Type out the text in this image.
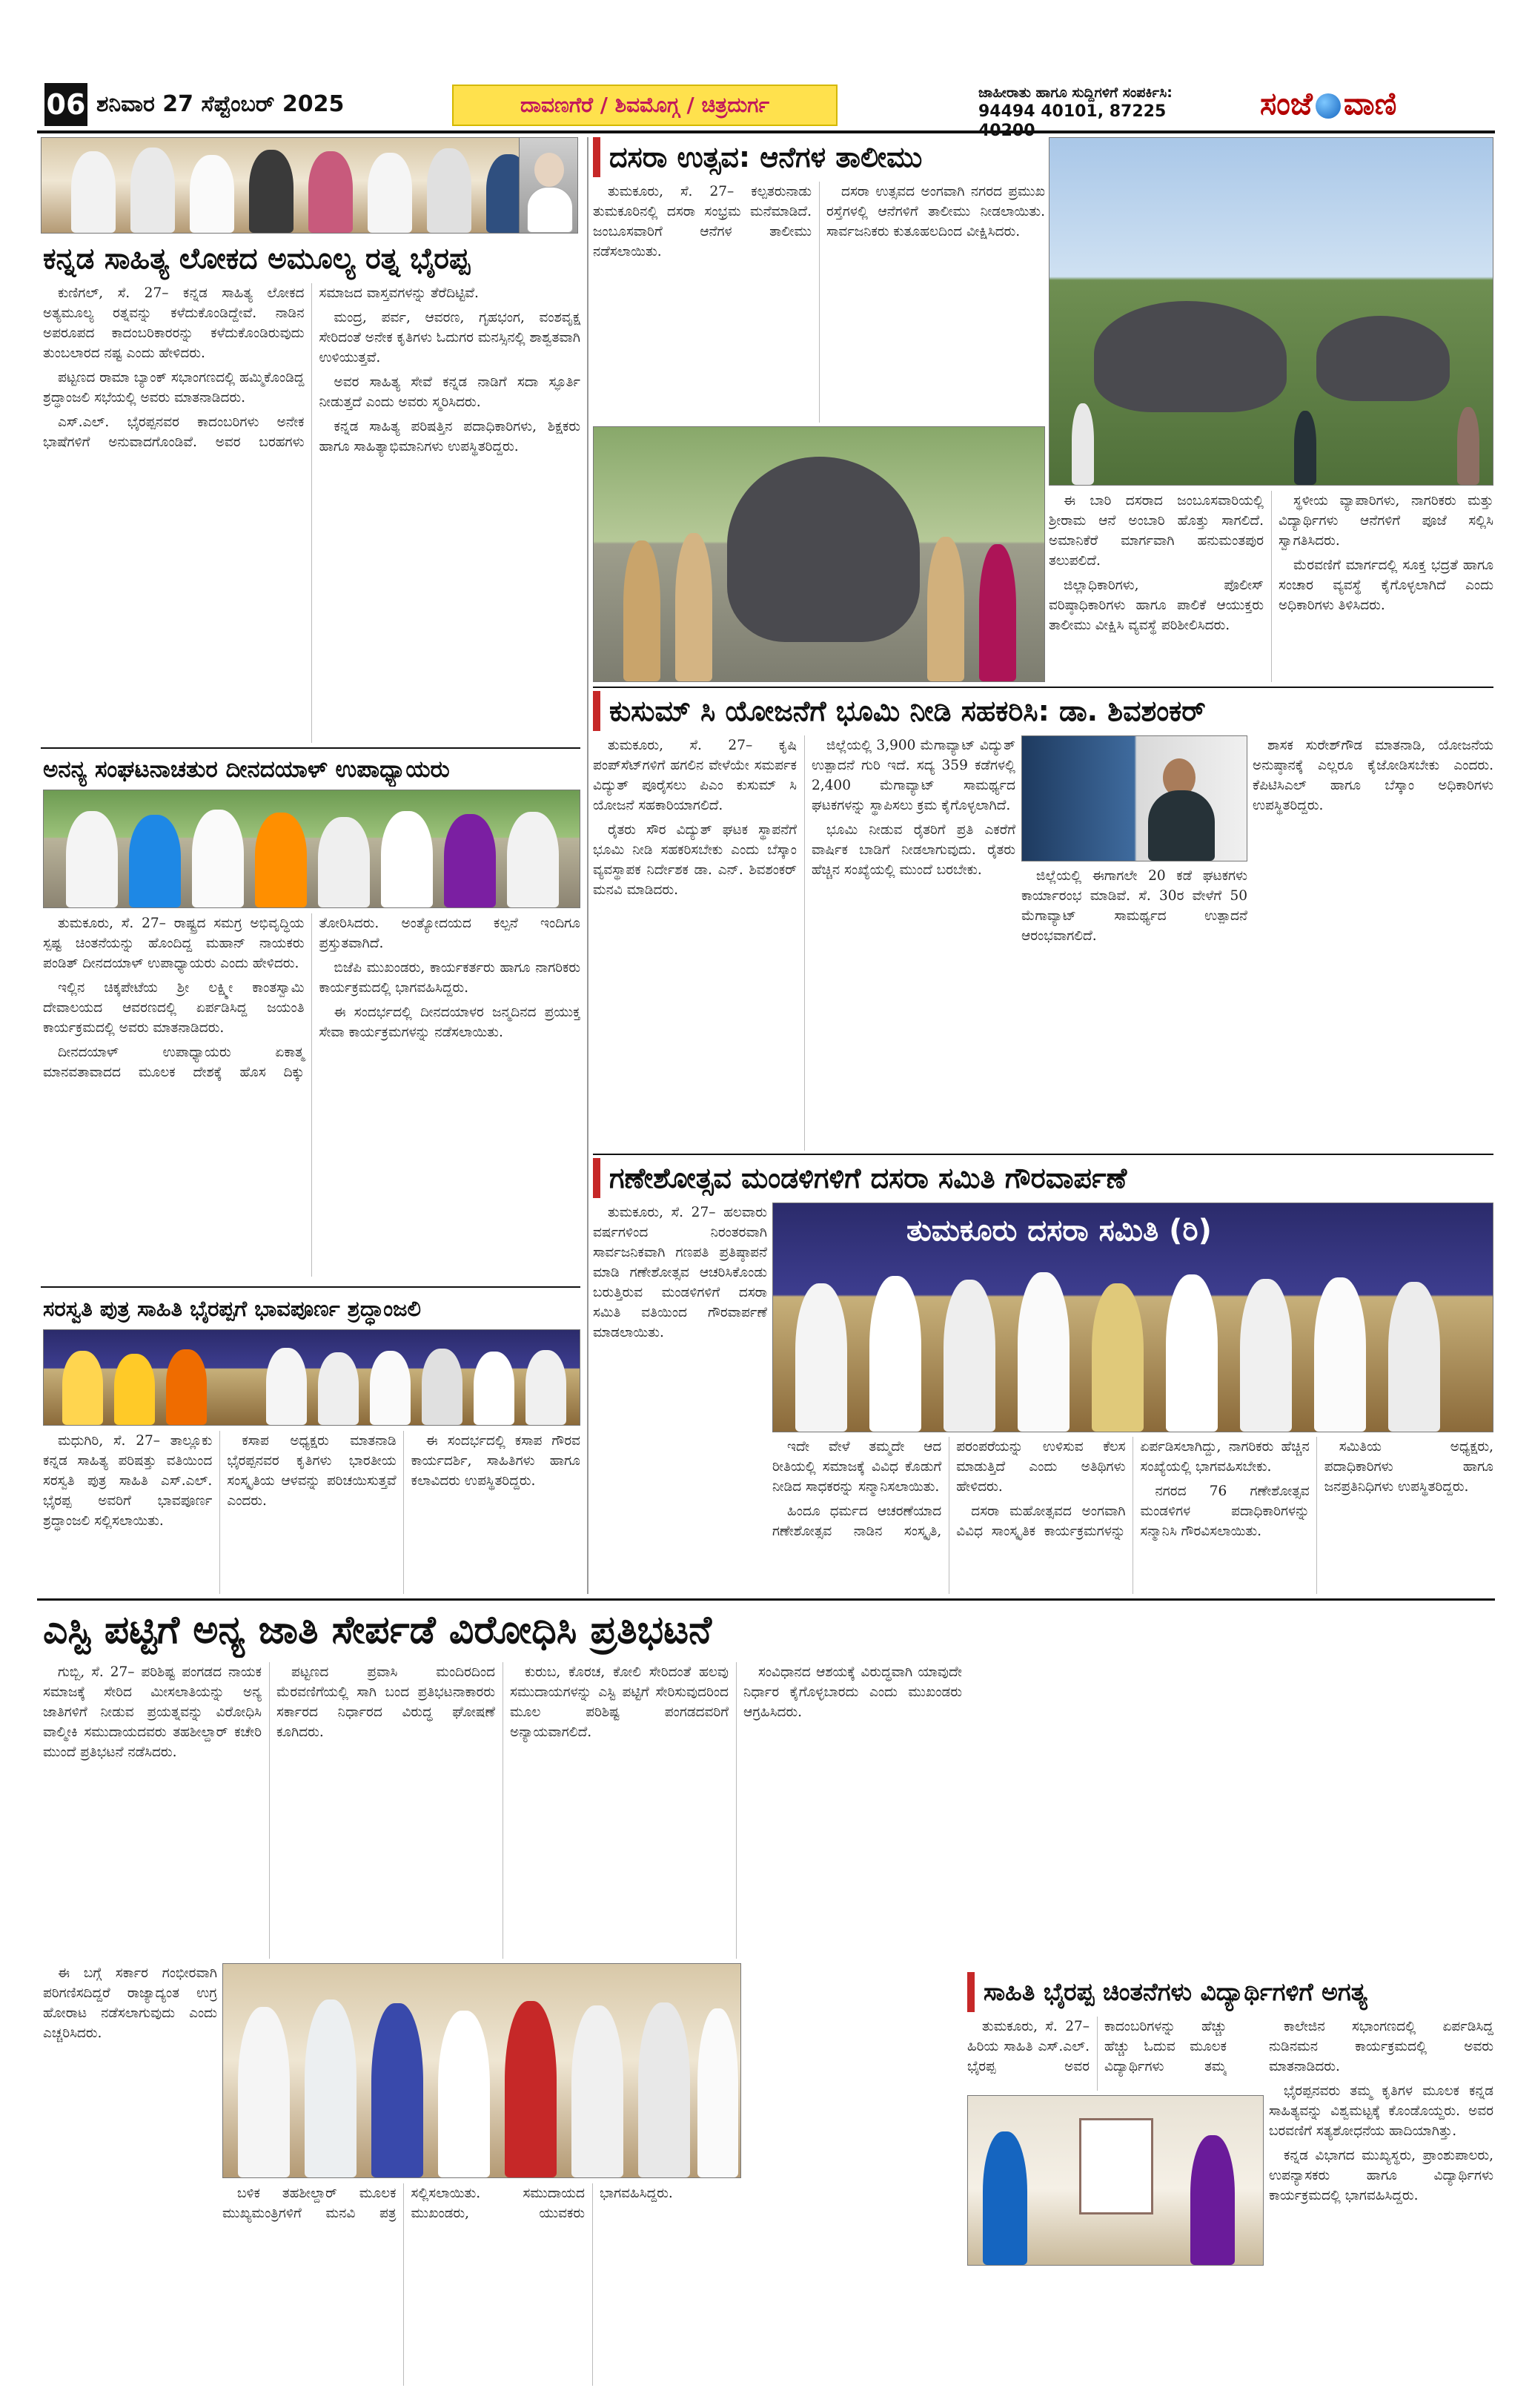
06 ಶನಿವಾರ 27 ಸೆಪ್ಟೆಂಬರ್ 2025	ದಾವಣಗೆರೆ / ಶಿವಮೊಗ್ಗ / ಚಿತ್ರದುರ್ಗ	ಜಾಹೀರಾತು ಹಾಗೂ ಸುದ್ದಿಗಳಿಗೆ ಸಂಪರ್ಕಿಸಿ:
94494 40101, 87225	ಸಂಜೆ ವಾಣಿ
ಕನ್ನಡ ಸಾಹಿತ್ಯ ಲೋಕದ ಅಮೂಲ್ಯ ರತ್ನ ಭೈರಪ್ಪ

ಕುಣಿಗಲ್, ಸೆ. 27– ಕನ್ನಡ ಸಾಹಿತ್ಯ ಲೋಕದ ಅತ್ಯಮೂಲ್ಯ ರತ್ನವನ್ನು ಕಳೆದುಕೊಂಡಿದ್ದೇವೆ. ನಾಡಿನ ಅಪರೂಪದ ಕಾದಂಬರಿಕಾರರನ್ನು ಕಳೆದುಕೊಂಡಿರುವುದು ತುಂಬಲಾರದ ನಷ್ಟ ಎಂದು ಹೇಳಿದರು.

ಪಟ್ಟಣದ ರಾಮಾ ಬ್ಯಾಂಕ್ ಸಭಾಂಗಣದಲ್ಲಿ ಹಮ್ಮಿಕೊಂಡಿದ್ದ ಶ್ರದ್ಧಾಂಜಲಿ ಸಭೆಯಲ್ಲಿ ಅವರು ಮಾತನಾಡಿದರು.

ಎಸ್.ಎಲ್. ಭೈರಪ್ಪನವರ ಕಾದಂಬರಿಗಳು ಅನೇಕ ಭಾಷೆಗಳಿಗೆ ಅನುವಾದಗೊಂಡಿವೆ. ಅವರ ಬರಹಗಳು ಸಮಾಜದ ವಾಸ್ತವಗಳನ್ನು ತೆರೆದಿಟ್ಟಿವೆ.

ಮಂದ್ರ, ಪರ್ವ, ಆವರಣ, ಗೃಹಭಂಗ, ವಂಶವೃಕ್ಷ ಸೇರಿದಂತೆ ಅನೇಕ ಕೃತಿಗಳು ಓದುಗರ ಮನಸ್ಸಿನಲ್ಲಿ ಶಾಶ್ವತವಾಗಿ ಉಳಿಯುತ್ತವೆ.

ಅವರ ಸಾಹಿತ್ಯ ಸೇವೆ ಕನ್ನಡ ನಾಡಿಗೆ ಸದಾ ಸ್ಫೂರ್ತಿ ನೀಡುತ್ತದೆ ಎಂದು ಅವರು ಸ್ಮರಿಸಿದರು.

ಕನ್ನಡ ಸಾಹಿತ್ಯ ಪರಿಷತ್ತಿನ ಪದಾಧಿಕಾರಿಗಳು, ಶಿಕ್ಷಕರು ಹಾಗೂ ಸಾಹಿತ್ಯಾಭಿಮಾನಿಗಳು ಉಪಸ್ಥಿತರಿದ್ದರು.

ಅನನ್ಯ ಸಂಘಟನಾಚತುರ ದೀನದಯಾಳ್ ಉಪಾಧ್ಯಾಯರು

ತುಮಕೂರು, ಸೆ. 27– ರಾಷ್ಟ್ರದ ಸಮಗ್ರ ಅಭಿವೃದ್ಧಿಯ ಸ್ಪಷ್ಟ ಚಿಂತನೆಯನ್ನು ಹೊಂದಿದ್ದ ಮಹಾನ್ ನಾಯಕರು ಪಂಡಿತ್ ದೀನದಯಾಳ್ ಉಪಾಧ್ಯಾಯರು ಎಂದು ಹೇಳಿದರು.

ಇಲ್ಲಿನ ಚಿಕ್ಕಪೇಟೆಯ ಶ್ರೀ ಲಕ್ಷ್ಮೀ ಕಾಂತಸ್ವಾಮಿ ದೇವಾಲಯದ ಆವರಣದಲ್ಲಿ ಏರ್ಪಡಿಸಿದ್ದ ಜಯಂತಿ ಕಾರ್ಯಕ್ರಮದಲ್ಲಿ ಅವರು ಮಾತನಾಡಿದರು.

ದೀನದಯಾಳ್ ಉಪಾಧ್ಯಾಯರು ಏಕಾತ್ಮ ಮಾನವತಾವಾದದ ಮೂಲಕ ದೇಶಕ್ಕೆ ಹೊಸ ದಿಕ್ಕು ತೋರಿಸಿದರು. ಅಂತ್ಯೋದಯದ ಕಲ್ಪನೆ ಇಂದಿಗೂ ಪ್ರಸ್ತುತವಾಗಿದೆ.

ಬಿಜೆಪಿ ಮುಖಂಡರು, ಕಾರ್ಯಕರ್ತರು ಹಾಗೂ ನಾಗರಿಕರು ಕಾರ್ಯಕ್ರಮದಲ್ಲಿ ಭಾಗವಹಿಸಿದ್ದರು.

ಈ ಸಂದರ್ಭದಲ್ಲಿ ದೀನದಯಾಳರ ಜನ್ಮದಿನದ ಪ್ರಯುಕ್ತ ಸೇವಾ ಕಾರ್ಯಕ್ರಮಗಳನ್ನು ನಡೆಸಲಾಯಿತು.

ಸರಸ್ವತಿ ಪುತ್ರ ಸಾಹಿತಿ ಭೈರಪ್ಪಗೆ ಭಾವಪೂರ್ಣ ಶ್ರದ್ಧಾಂಜಲಿ

ಮಧುಗಿರಿ, ಸೆ. 27– ತಾಲ್ಲೂಕು ಕನ್ನಡ ಸಾಹಿತ್ಯ ಪರಿಷತ್ತು ವತಿಯಿಂದ ಸರಸ್ವತಿ ಪುತ್ರ ಸಾಹಿತಿ ಎಸ್.ಎಲ್. ಭೈರಪ್ಪ ಅವರಿಗೆ ಭಾವಪೂರ್ಣ ಶ್ರದ್ಧಾಂಜಲಿ ಸಲ್ಲಿಸಲಾಯಿತು.

ಕಸಾಪ ಅಧ್ಯಕ್ಷರು ಮಾತನಾಡಿ ಭೈರಪ್ಪನವರ ಕೃತಿಗಳು ಭಾರತೀಯ ಸಂಸ್ಕೃತಿಯ ಆಳವನ್ನು ಪರಿಚಯಿಸುತ್ತವೆ ಎಂದರು.

ಈ ಸಂದರ್ಭದಲ್ಲಿ ಕಸಾಪ ಗೌರವ ಕಾರ್ಯದರ್ಶಿ, ಸಾಹಿತಿಗಳು ಹಾಗೂ ಕಲಾವಿದರು ಉಪಸ್ಥಿತರಿದ್ದರು.

ದಸರಾ ಉತ್ಸವ: ಆನೆಗಳ ತಾಲೀಮು

ತುಮಕೂರು, ಸೆ. 27– ಕಲ್ಪತರುನಾಡು ತುಮಕೂರಿನಲ್ಲಿ ದಸರಾ ಸಂಭ್ರಮ ಮನೆಮಾಡಿದೆ. ಜಂಬೂಸವಾರಿಗೆ ಆನೆಗಳ ತಾಲೀಮು ನಡೆಸಲಾಯಿತು.

ದಸರಾ ಉತ್ಸವದ ಅಂಗವಾಗಿ ನಗರದ ಪ್ರಮುಖ ರಸ್ತೆಗಳಲ್ಲಿ ಆನೆಗಳಿಗೆ ತಾಲೀಮು ನೀಡಲಾಯಿತು. ಸಾರ್ವಜನಿಕರು ಕುತೂಹಲದಿಂದ ವೀಕ್ಷಿಸಿದರು.

ಈ ಬಾರಿ ದಸರಾದ ಜಂಬೂಸವಾರಿಯಲ್ಲಿ ಶ್ರೀರಾಮ ಆನೆ ಅಂಬಾರಿ ಹೊತ್ತು ಸಾಗಲಿದೆ. ಅಮಾನಿಕೆರೆ ಮಾರ್ಗವಾಗಿ ಹನುಮಂತಪುರ ತಲುಪಲಿದೆ.

ಜಿಲ್ಲಾಧಿಕಾರಿಗಳು, ಪೊಲೀಸ್ ವರಿಷ್ಠಾಧಿಕಾರಿಗಳು ಹಾಗೂ ಪಾಲಿಕೆ ಆಯುಕ್ತರು ತಾಲೀಮು ವೀಕ್ಷಿಸಿ ವ್ಯವಸ್ಥೆ ಪರಿಶೀಲಿಸಿದರು.

ಸ್ಥಳೀಯ ವ್ಯಾಪಾರಿಗಳು, ನಾಗರಿಕರು ಮತ್ತು ವಿದ್ಯಾರ್ಥಿಗಳು ಆನೆಗಳಿಗೆ ಪೂಜೆ ಸಲ್ಲಿಸಿ ಸ್ವಾಗತಿಸಿದರು.

ಮೆರವಣಿಗೆ ಮಾರ್ಗದಲ್ಲಿ ಸೂಕ್ತ ಭದ್ರತೆ ಹಾಗೂ ಸಂಚಾರ ವ್ಯವಸ್ಥೆ ಕೈಗೊಳ್ಳಲಾಗಿದೆ ಎಂದು ಅಧಿಕಾರಿಗಳು ತಿಳಿಸಿದರು.

ಕುಸುಮ್ ಸಿ ಯೋಜನೆಗೆ ಭೂಮಿ ನೀಡಿ ಸಹಕರಿಸಿ: ಡಾ. ಶಿವಶಂಕರ್

ತುಮಕೂರು, ಸೆ. 27– ಕೃಷಿ ಪಂಪ್‌ಸೆಟ್‌ಗಳಿಗೆ ಹಗಲಿನ ವೇಳೆಯೇ ಸಮರ್ಪಕ ವಿದ್ಯುತ್ ಪೂರೈಸಲು ಪಿಎಂ ಕುಸುಮ್ ಸಿ ಯೋಜನೆ ಸಹಕಾರಿಯಾಗಲಿದೆ.

ರೈತರು ಸೌರ ವಿದ್ಯುತ್ ಘಟಕ ಸ್ಥಾಪನೆಗೆ ಭೂಮಿ ನೀಡಿ ಸಹಕರಿಸಬೇಕು ಎಂದು ಬೆಸ್ಕಾಂ ವ್ಯವಸ್ಥಾಪಕ ನಿರ್ದೇಶಕ ಡಾ. ಎನ್. ಶಿವಶಂಕರ್ ಮನವಿ ಮಾಡಿದರು.

ಜಿಲ್ಲೆಯಲ್ಲಿ 3,900 ಮೆಗಾವ್ಯಾಟ್ ವಿದ್ಯುತ್ ಉತ್ಪಾದನೆ ಗುರಿ ಇದೆ. ಸದ್ಯ 359 ಕಡೆಗಳಲ್ಲಿ 2,400 ಮೆಗಾವ್ಯಾಟ್ ಸಾಮರ್ಥ್ಯದ ಘಟಕಗಳನ್ನು ಸ್ಥಾಪಿಸಲು ಕ್ರಮ ಕೈಗೊಳ್ಳಲಾಗಿದೆ.

ಭೂಮಿ ನೀಡುವ ರೈತರಿಗೆ ಪ್ರತಿ ಎಕರೆಗೆ ವಾರ್ಷಿಕ ಬಾಡಿಗೆ ನೀಡಲಾಗುವುದು. ರೈತರು ಹೆಚ್ಚಿನ ಸಂಖ್ಯೆಯಲ್ಲಿ ಮುಂದೆ ಬರಬೇಕು.	ಜಿಲ್ಲೆಯಲ್ಲಿ ಈಗಾಗಲೇ 20 ಕಡೆ ಘಟಕಗಳು ಕಾರ್ಯಾರಂಭ ಮಾಡಿವೆ. ಸೆ. 30ರ ವೇಳೆಗೆ 50 ಮೆಗಾವ್ಯಾಟ್ ಸಾಮರ್ಥ್ಯದ ಉತ್ಪಾದನೆ ಆರಂಭವಾಗಲಿದೆ.

ಶಾಸಕ ಸುರೇಶ್‌ಗೌಡ ಮಾತನಾಡಿ, ಯೋಜನೆಯ ಅನುಷ್ಠಾನಕ್ಕೆ ಎಲ್ಲರೂ ಕೈಜೋಡಿಸಬೇಕು ಎಂದರು. ಕೆಪಿಟಿಸಿಎಲ್ ಹಾಗೂ ಬೆಸ್ಕಾಂ ಅಧಿಕಾರಿಗಳು ಉಪಸ್ಥಿತರಿದ್ದರು.

ಗಣೇಶೋತ್ಸವ ಮಂಡಳಿಗಳಿಗೆ ದಸರಾ ಸಮಿತಿ ಗೌರವಾರ್ಪಣೆ

ತುಮಕೂರು, ಸೆ. 27– ಹಲವಾರು ವರ್ಷಗಳಿಂದ ನಿರಂತರವಾಗಿ ಸಾರ್ವಜನಿಕವಾಗಿ ಗಣಪತಿ ಪ್ರತಿಷ್ಠಾಪನೆ ಮಾಡಿ ಗಣೇಶೋತ್ಸವ ಆಚರಿಸಿಕೊಂಡು ಬರುತ್ತಿರುವ ಮಂಡಳಿಗಳಿಗೆ ದಸರಾ ಸಮಿತಿ ವತಿಯಿಂದ ಗೌರವಾರ್ಪಣೆ ಮಾಡಲಾಯಿತು.

ತುಮಕೂರು ದಸರಾ ಸಮಿತಿ (ರಿ)

ಇದೇ ವೇಳೆ ತಮ್ಮದೇ ಆದ ರೀತಿಯಲ್ಲಿ ಸಮಾಜಕ್ಕೆ ವಿವಿಧ ಕೊಡುಗೆ ನೀಡಿದ ಸಾಧಕರನ್ನು ಸನ್ಮಾನಿಸಲಾಯಿತು.

ಹಿಂದೂ ಧರ್ಮದ ಆಚರಣೆಯಾದ ಗಣೇಶೋತ್ಸವ ನಾಡಿನ ಸಂಸ್ಕೃತಿ, ಪರಂಪರೆಯನ್ನು ಉಳಿಸುವ ಕೆಲಸ ಮಾಡುತ್ತಿದೆ ಎಂದು ಅತಿಥಿಗಳು ಹೇಳಿದರು.

ದಸರಾ ಮಹೋತ್ಸವದ ಅಂಗವಾಗಿ ವಿವಿಧ ಸಾಂಸ್ಕೃತಿಕ ಕಾರ್ಯಕ್ರಮಗಳನ್ನು ಏರ್ಪಡಿಸಲಾಗಿದ್ದು, ನಾಗರಿಕರು ಹೆಚ್ಚಿನ ಸಂಖ್ಯೆಯಲ್ಲಿ ಭಾಗವಹಿಸಬೇಕು.

ನಗರದ 76 ಗಣೇಶೋತ್ಸವ ಮಂಡಳಿಗಳ ಪದಾಧಿಕಾರಿಗಳನ್ನು ಸನ್ಮಾನಿಸಿ ಗೌರವಿಸಲಾಯಿತು.

ಸಮಿತಿಯ ಅಧ್ಯಕ್ಷರು, ಪದಾಧಿಕಾರಿಗಳು ಹಾಗೂ ಜನಪ್ರತಿನಿಧಿಗಳು ಉಪಸ್ಥಿತರಿದ್ದರು.

ಎಸ್ಟಿ ಪಟ್ಟಿಗೆ ಅನ್ಯ ಜಾತಿ ಸೇರ್ಪಡೆ ವಿರೋಧಿಸಿ ಪ್ರತಿಭಟನೆ

ಗುಬ್ಬಿ, ಸೆ. 27– ಪರಿಶಿಷ್ಟ ಪಂಗಡದ ನಾಯಕ ಸಮಾಜಕ್ಕೆ ಸೇರಿದ ಮೀಸಲಾತಿಯನ್ನು ಅನ್ಯ ಜಾತಿಗಳಿಗೆ ನೀಡುವ ಪ್ರಯತ್ನವನ್ನು ವಿರೋಧಿಸಿ ವಾಲ್ಮೀಕಿ ಸಮುದಾಯದವರು ತಹಶೀಲ್ದಾರ್ ಕಚೇರಿ ಮುಂದೆ ಪ್ರತಿಭಟನೆ ನಡೆಸಿದರು.

ಪಟ್ಟಣದ ಪ್ರವಾಸಿ ಮಂದಿರದಿಂದ ಮೆರವಣಿಗೆಯಲ್ಲಿ ಸಾಗಿ ಬಂದ ಪ್ರತಿಭಟನಾಕಾರರು ಸರ್ಕಾರದ ನಿರ್ಧಾರದ ವಿರುದ್ಧ ಘೋಷಣೆ ಕೂಗಿದರು.

ಕುರುಬ, ಕೊರಚ, ಕೋಲಿ ಸೇರಿದಂತೆ ಹಲವು ಸಮುದಾಯಗಳನ್ನು ಎಸ್ಟಿ ಪಟ್ಟಿಗೆ ಸೇರಿಸುವುದರಿಂದ ಮೂಲ ಪರಿಶಿಷ್ಟ ಪಂಗಡದವರಿಗೆ ಅನ್ಯಾಯವಾಗಲಿದೆ.

ಸಂವಿಧಾನದ ಆಶಯಕ್ಕೆ ವಿರುದ್ಧವಾಗಿ ಯಾವುದೇ ನಿರ್ಧಾರ ಕೈಗೊಳ್ಳಬಾರದು ಎಂದು ಮುಖಂಡರು ಆಗ್ರಹಿಸಿದರು.

ಈ ಬಗ್ಗೆ ಸರ್ಕಾರ ಗಂಭೀರವಾಗಿ ಪರಿಗಣಿಸದಿದ್ದರೆ ರಾಜ್ಯಾದ್ಯಂತ ಉಗ್ರ ಹೋರಾಟ ನಡೆಸಲಾಗುವುದು ಎಂದು ಎಚ್ಚರಿಸಿದರು.

ಬಳಿಕ ತಹಶೀಲ್ದಾರ್ ಮೂಲಕ ಮುಖ್ಯಮಂತ್ರಿಗಳಿಗೆ ಮನವಿ ಪತ್ರ ಸಲ್ಲಿಸಲಾಯಿತು. ಸಮುದಾಯದ ಮುಖಂಡರು, ಯುವಕರು ಭಾಗವಹಿಸಿದ್ದರು.

ಸಾಹಿತಿ ಭೈರಪ್ಪ ಚಿಂತನೆಗಳು ವಿದ್ಯಾರ್ಥಿಗಳಿಗೆ ಅಗತ್ಯ

ತುಮಕೂರು, ಸೆ. 27– ಹಿರಿಯ ಸಾಹಿತಿ ಎಸ್.ಎಲ್. ಭೈರಪ್ಪ ಅವರ ಕಾದಂಬರಿಗಳನ್ನು ಹೆಚ್ಚು ಹೆಚ್ಚು ಓದುವ ಮೂಲಕ ವಿದ್ಯಾರ್ಥಿಗಳು ತಮ್ಮ

ಕಾಲೇಜಿನ ಸಭಾಂಗಣದಲ್ಲಿ ಏರ್ಪಡಿಸಿದ್ದ ನುಡಿನಮನ ಕಾರ್ಯಕ್ರಮದಲ್ಲಿ ಅವರು ಮಾತನಾಡಿದರು.

ಭೈರಪ್ಪನವರು ತಮ್ಮ ಕೃತಿಗಳ ಮೂಲಕ ಕನ್ನಡ ಸಾಹಿತ್ಯವನ್ನು ವಿಶ್ವಮಟ್ಟಕ್ಕೆ ಕೊಂಡೊಯ್ದರು. ಅವರ ಬರವಣಿಗೆ ಸತ್ಯಶೋಧನೆಯ ಹಾದಿಯಾಗಿತ್ತು.

ಕನ್ನಡ ವಿಭಾಗದ ಮುಖ್ಯಸ್ಥರು, ಪ್ರಾಂಶುಪಾಲರು, ಉಪನ್ಯಾಸಕರು ಹಾಗೂ ವಿದ್ಯಾರ್ಥಿಗಳು ಕಾರ್ಯಕ್ರಮದಲ್ಲಿ ಭಾಗವಹಿಸಿದ್ದರು.
